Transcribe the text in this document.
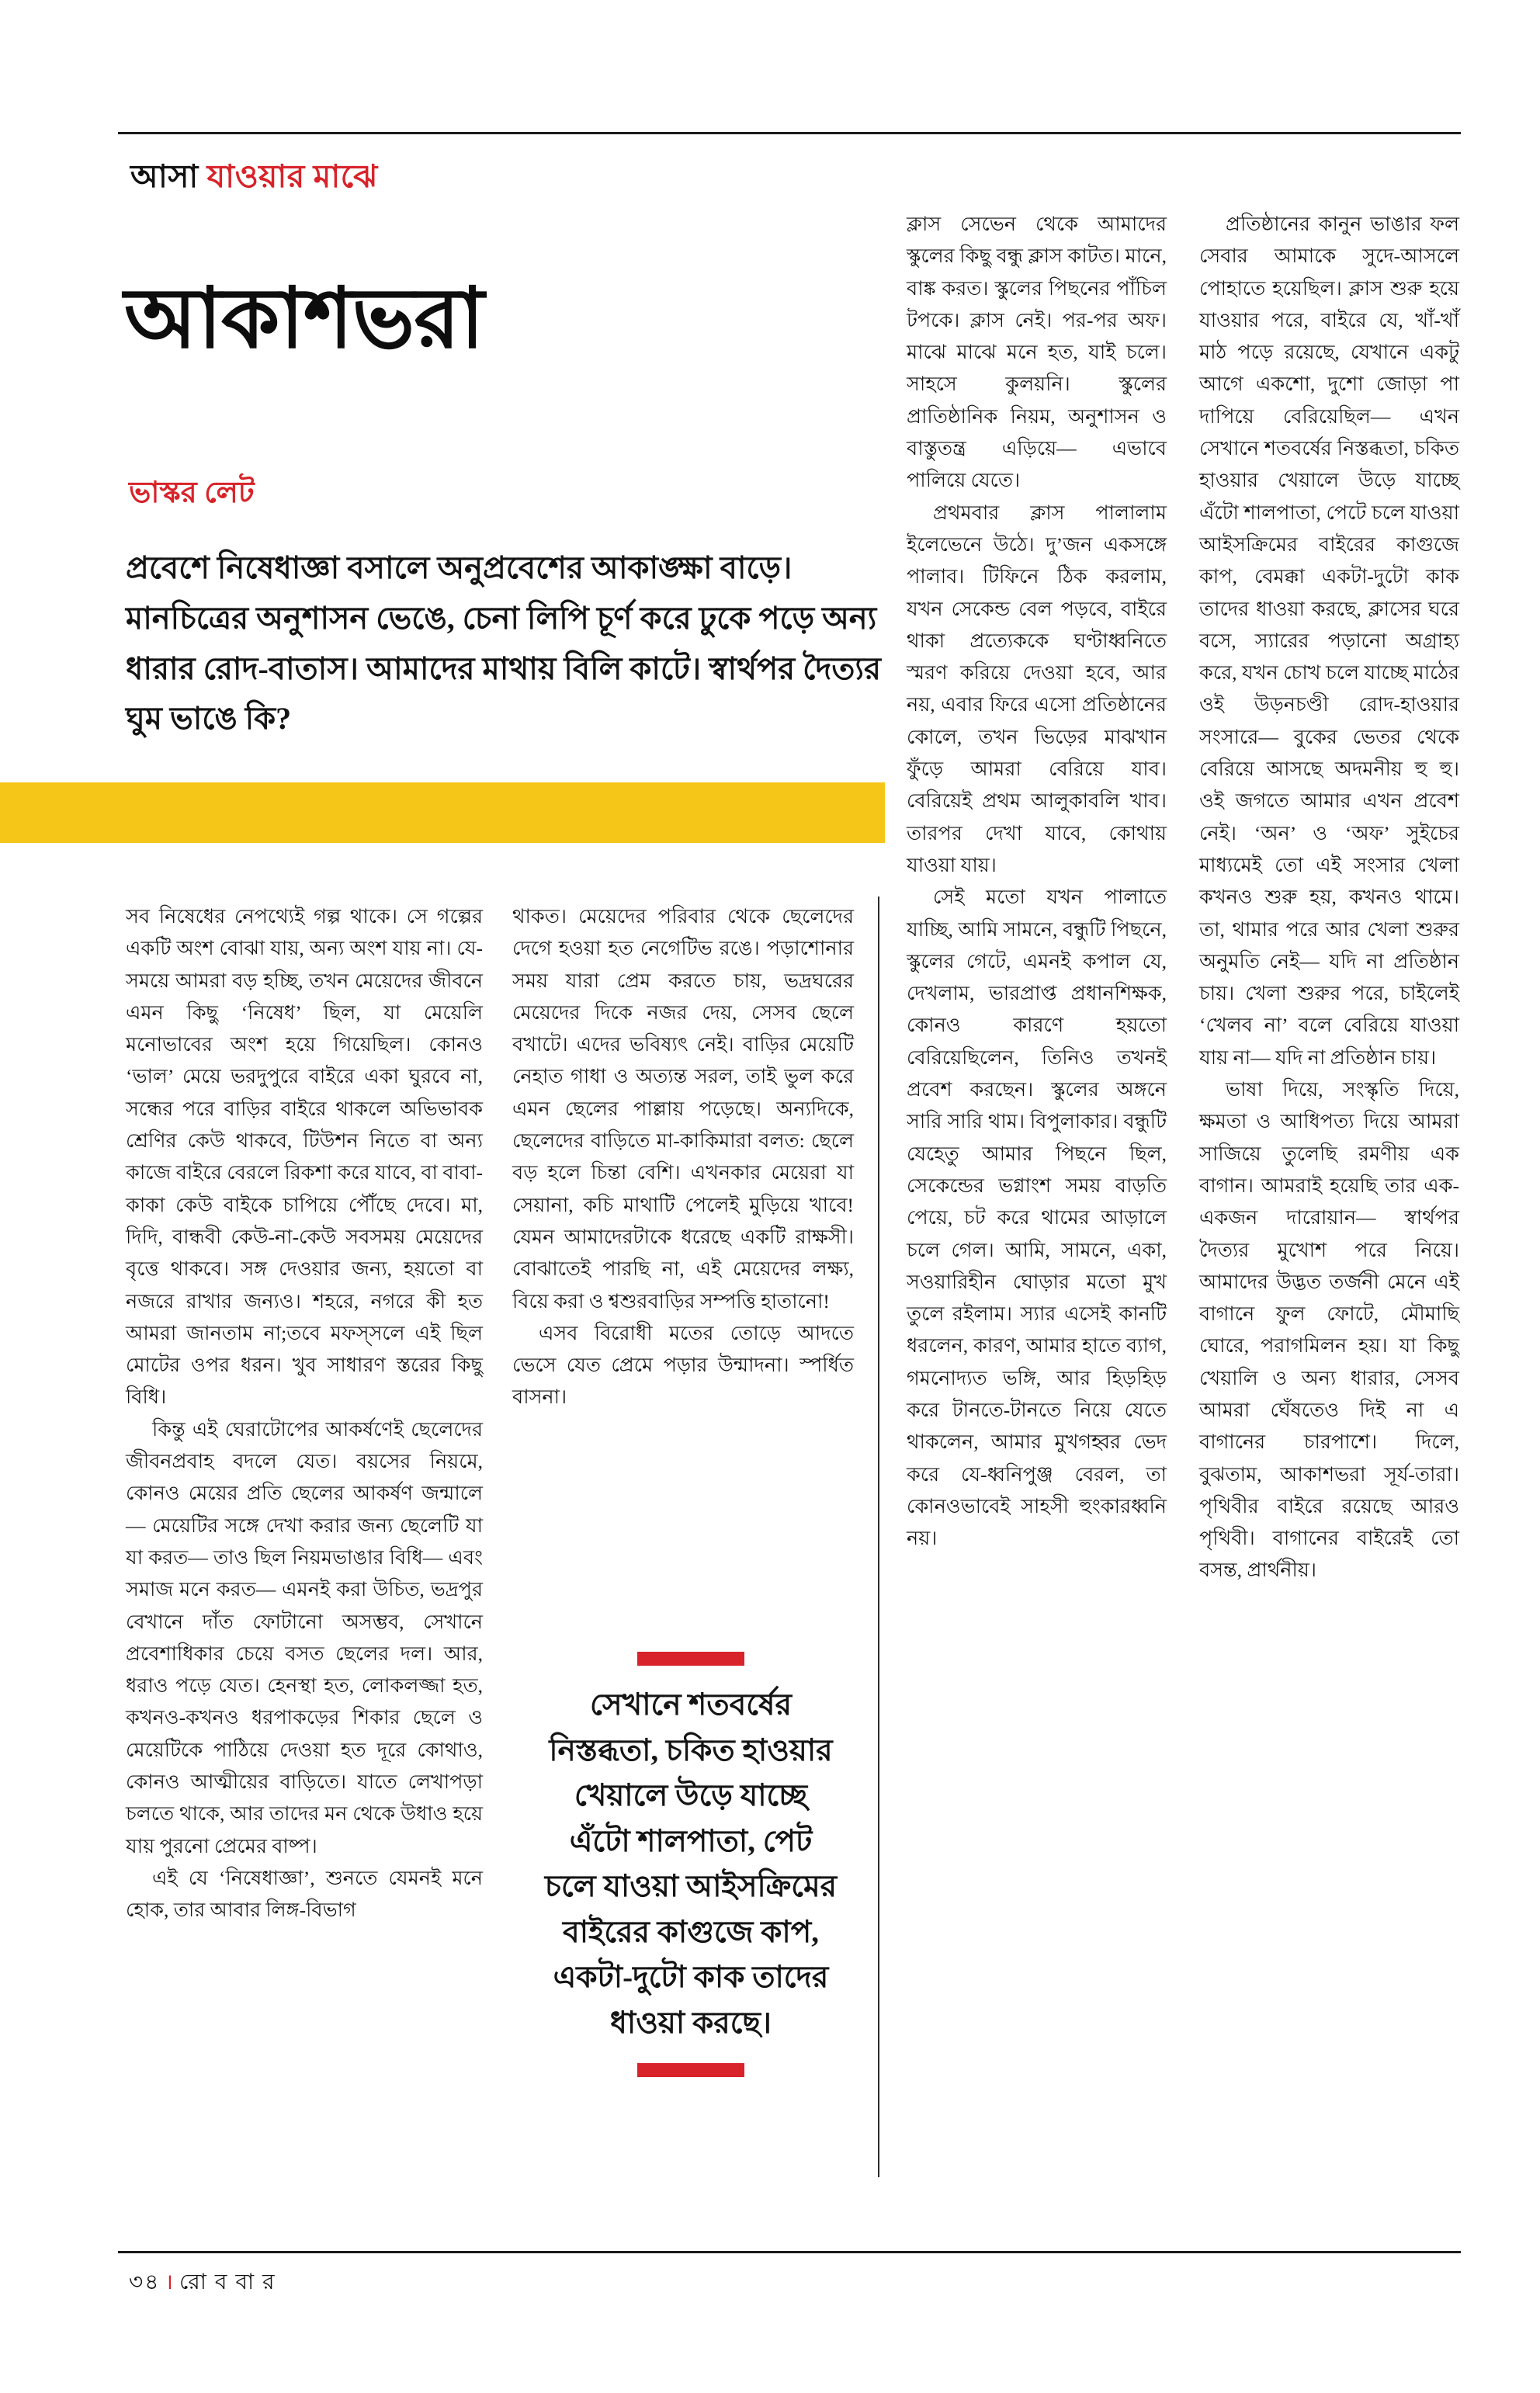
আসা যাওয়ার মাঝে
আকাশভরা
ভাস্কর লেট
প্রবেশে নিষেধাজ্ঞা বসালে অনুপ্রবেশের আকাঙ্ক্ষা বাড়ে। মানচিত্রের অনুশাসন ভেঙে, চেনা লিপি চূর্ণ করে ঢুকে পড়ে অন্য ধারার রোদ-বাতাস। আমাদের মাথায় বিলি কাটে। স্বার্থপর দৈত্যর ঘুম ভাঙে কি?

সব নিষেধের নেপথ্যেই গল্প থাকে। সে গল্পের একটি অংশ বোঝা যায়, অন্য অংশ যায় না। যে-সময়ে আমরা বড় হচ্ছি, তখন মেয়েদের জীবনে এমন কিছু ‘নিষেধ’ ছিল, যা মেয়েলি মনোভাবের অংশ হয়ে গিয়েছিল। কোনও ‘ভাল’ মেয়ে ভরদুপুরে বাইরে একা ঘুরবে না, সন্ধের পরে বাড়ির বাইরে থাকলে অভিভাবক শ্রেণির কেউ থাকবে, টিউশন নিতে বা অন্য কাজে বাইরে বেরলে রিকশা করে যাবে, বা বাবা-কাকা কেউ বাইকে চাপিয়ে পৌঁছে দেবে। মা, দিদি, বান্ধবী কেউ-না-কেউ সবসময় মেয়েদের বৃত্তে থাকবে। সঙ্গ দেওয়ার জন্য, হয়তো বা নজরে রাখার জন্যও। শহরে, নগরে কী হত আমরা জানতাম না;তবে মফস্সলে এই ছিল মোটের ওপর ধরন। খুব সাধারণ স্তরের কিছু বিধি।

কিন্তু এই ঘেরাটোপের আকর্ষণেই ছেলেদের জীবনপ্রবাহ বদলে যেত। বয়সের নিয়মে, কোনও মেয়ের প্রতি ছেলের আকর্ষণ জন্মালে— মেয়েটির সঙ্গে দেখা করার জন্য ছেলেটি যা যা করত— তাও ছিল নিয়মভাঙার বিধি— এবং সমাজ মনে করত— এমনই করা উচিত, ভদ্রপুর বেখানে দাঁত ফোটানো অসম্ভব, সেখানে প্রবেশাধিকার চেয়ে বসত ছেলের দল। আর, ধরাও পড়ে যেত। হেনস্থা হত, লোকলজ্জা হত, কখনও-কখনও ধরপাকড়ের শিকার ছেলে ও মেয়েটিকে পাঠিয়ে দেওয়া হত দূরে কোথাও, কোনও আত্মীয়ের বাড়িতে। যাতে লেখাপড়া চলতে থাকে, আর তাদের মন থেকে উধাও হয়ে যায় পুরনো প্রেমের বাষ্প।

এই যে ‘নিষেধাজ্ঞা’, শুনতে যেমনই মনে হোক, তার আবার লিঙ্গ-বিভাগ

থাকত। মেয়েদের পরিবার থেকে ছেলেদের দেগে হওয়া হত নেগেটিভ রঙে। পড়াশোনার সময় যারা প্রেম করতে চায়, ভদ্রঘরের মেয়েদের দিকে নজর দেয়, সেসব ছেলে বখাটে। এদের ভবিষ্যৎ নেই। বাড়ির মেয়েটি নেহাত গাধা ও অত্যন্ত সরল, তাই ভুল করে এমন ছেলের পাল্লায় পড়েছে। অন্যদিকে, ছেলেদের বাড়িতে মা-কাকিমারা বলত: ছেলে বড় হলে চিন্তা বেশি। এখনকার মেয়েরা যা সেয়ানা, কচি মাথাটি পেলেই মুড়িয়ে খাবে! যেমন আমাদেরটাকে ধরেছে একটি রাক্ষসী। বোঝাতেই পারছি না, এই মেয়েদের লক্ষ্য, বিয়ে করা ও শ্বশুরবাড়ির সম্পত্তি হাতানো!

এসব বিরোধী মতের তোড়ে আদতে ভেসে যেত প্রেমে পড়ার উন্মাদনা। স্পর্ধিত বাসনা।

সেখানে শতবর্ষের নিস্তব্ধতা, চকিত হাওয়ার খেয়ালে উড়ে যাচ্ছে এঁটো শালপাতা, পেট চলে যাওয়া আইসক্রিমের বাইরের কাগুজে কাপ, একটা-দুটো কাক তাদের ধাওয়া করছে।

ক্লাস সেভেন থেকে আমাদের স্কুলের কিছু বন্ধু ক্লাস কাটত। মানে, বাঙ্ক করত। স্কুলের পিছনের পাঁচিল টপকে। ক্লাস নেই। পর-পর অফ। মাঝে মাঝে মনে হত, যাই চলে। সাহসে কুলয়নি। স্কুলের প্রাতিষ্ঠানিক নিয়ম, অনুশাসন ও বাস্তুতন্ত্র এড়িয়ে— এভাবে পালিয়ে যেতে।

প্রথমবার ক্লাস পালালাম ইলেভেনে উঠে। দু’জন একসঙ্গে পালাব। টিফিনে ঠিক করলাম, যখন সেকেন্ড বেল পড়বে, বাইরে থাকা প্রত্যেককে ঘণ্টাধ্বনিতে স্মরণ করিয়ে দেওয়া হবে, আর নয়, এবার ফিরে এসো প্রতিষ্ঠানের কোলে, তখন ভিড়ের মাঝখান ফুঁড়ে আমরা বেরিয়ে যাব। বেরিয়েই প্রথম আলুকাবলি খাব। তারপর দেখা যাবে, কোথায় যাওয়া যায়।

সেই মতো যখন পালাতে যাচ্ছি, আমি সামনে, বন্ধুটি পিছনে, স্কুলের গেটে, এমনই কপাল যে, দেখলাম, ভারপ্রাপ্ত প্রধানশিক্ষক, কোনও কারণে হয়তো বেরিয়েছিলেন, তিনিও তখনই প্রবেশ করছেন। স্কুলের অঙ্গনে সারি সারি থাম। বিপুলাকার। বন্ধুটি যেহেতু আমার পিছনে ছিল, সেকেন্ডের ভগ্নাংশ সময় বাড়তি পেয়ে, চট করে থামের আড়ালে চলে গেল। আমি, সামনে, একা, সওয়ারিহীন ঘোড়ার মতো মুখ তুলে রইলাম। স্যার এসেই কানটি ধরলেন, কারণ, আমার হাতে ব্যাগ, গমনোদ্যত ভঙ্গি, আর হিড়হিড় করে টানতে-টানতে নিয়ে যেতে থাকলেন, আমার মুখগহ্বর ভেদ করে যে-ধ্বনিপুঞ্জ বেরল, তা কোনওভাবেই সাহসী হুংকারধ্বনি নয়।

প্রতিষ্ঠানের কানুন ভাঙার ফল সেবার আমাকে সুদে-আসলে পোহাতে হয়েছিল। ক্লাস শুরু হয়ে যাওয়ার পরে, বাইরে যে, খাঁ-খাঁ মাঠ পড়ে রয়েছে, যেখানে একটু আগে একশো, দুশো জোড়া পা দাপিয়ে বেরিয়েছিল— এখন সেখানে শতবর্ষের নিস্তব্ধতা, চকিত হাওয়ার খেয়ালে উড়ে যাচ্ছে এঁটো শালপাতা, পেটে চলে যাওয়া আইসক্রিমের বাইরের কাগুজে কাপ, বেমক্কা একটা-দুটো কাক তাদের ধাওয়া করছে, ক্লাসের ঘরে বসে, স্যারের পড়ানো অগ্রাহ্য করে, যখন চোখ চলে যাচ্ছে মাঠের ওই উড়নচণ্ডী রোদ-হাওয়ার সংসারে— বুকের ভেতর থেকে বেরিয়ে আসছে অদমনীয় হু হু। ওই জগতে আমার এখন প্রবেশ নেই। ‘অন’ ও ‘অফ’ সুইচের মাধ্যমেই তো এই সংসার খেলা কখনও শুরু হয়, কখনও থামে। তা, থামার পরে আর খেলা শুরুর অনুমতি নেই— যদি না প্রতিষ্ঠান চায়। খেলা শুরুর পরে, চাইলেই ‘খেলব না’ বলে বেরিয়ে যাওয়া যায় না— যদি না প্রতিষ্ঠান চায়।

ভাষা দিয়ে, সংস্কৃতি দিয়ে, ক্ষমতা ও আধিপত্য দিয়ে আমরা সাজিয়ে তুলেছি রমণীয় এক বাগান। আমরাই হয়েছি তার এক-একজন দারোয়ান— স্বার্থপর দৈত্যর মুখোশ পরে নিয়ে। আমাদের উদ্ভত তর্জনী মেনে এই বাগানে ফুল ফোটে, মৌমাছি ঘোরে, পরাগমিলন হয়। যা কিছু খেয়ালি ও অন্য ধারার, সেসব আমরা ঘেঁষতেও দিই না এ বাগানের চারপাশে। দিলে, বুঝতাম, আকাশভরা সূর্য-তারা। পৃথিবীর বাইরে রয়েছে আরও পৃথিবী। বাগানের বাইরেই তো বসন্ত, প্রার্থনীয়।

৩৪ । রো ব বা র
